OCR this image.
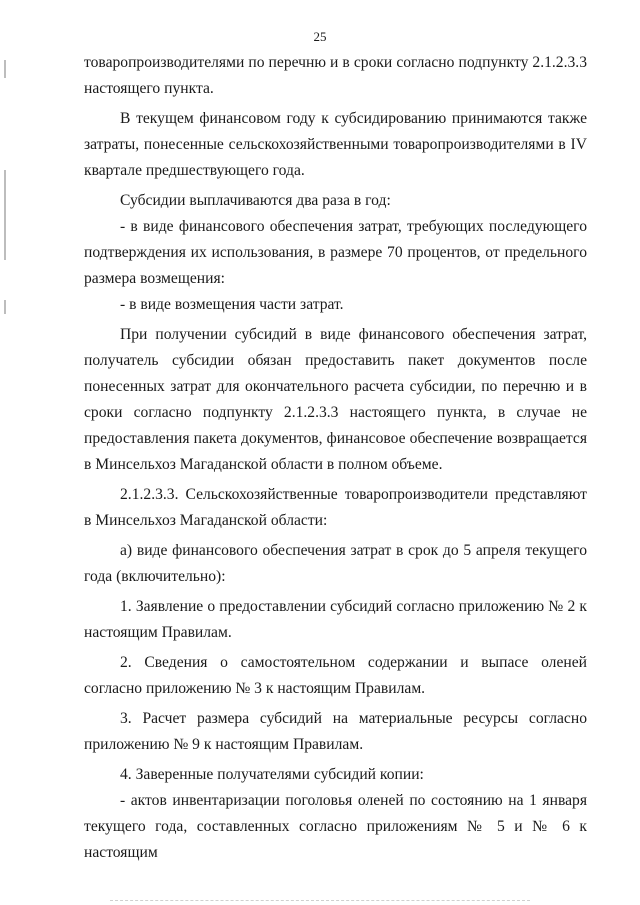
25

товаропроизводителями по перечню и в сроки согласно подпункту 2.1.2.3.3 настоящего пункта.

В текущем финансовом году к субсидированию принимаются также затраты, понесенные сельскохозяйственными товаропроизводителями в IV квартале предшествующего года.

Субсидии выплачиваются два раза в год:

- в виде финансового обеспечения затрат, требующих последующего подтверждения их использования, в размере 70 процентов, от предельного размера возмещения:

- в виде возмещения части затрат.

При получении субсидий в виде финансового обеспечения затрат, получатель субсидии обязан предоставить пакет документов после понесенных затрат для окончательного расчета субсидии, по перечню и в сроки согласно подпункту 2.1.2.3.3 настоящего пункта, в случае не предоставления пакета документов, финансовое обеспечение возвращается в Минсельхоз Магаданской области в полном объеме.

2.1.2.3.3. Сельскохозяйственные товаропроизводители представляют в Минсельхоз Магаданской области:

а) виде финансового обеспечения затрат в срок до 5 апреля текущего года (включительно):

1. Заявление о предоставлении субсидий согласно приложению № 2 к настоящим Правилам.

2. Сведения о самостоятельном содержании и выпасе оленей согласно приложению № 3 к настоящим Правилам.

3. Расчет размера субсидий на материальные ресурсы согласно приложению № 9 к настоящим Правилам.

4. Заверенные получателями субсидий копии:

- актов инвентаризации поголовья оленей по состоянию на 1 января текущего года, составленных согласно приложениям № 5 и № 6 к настоящим
